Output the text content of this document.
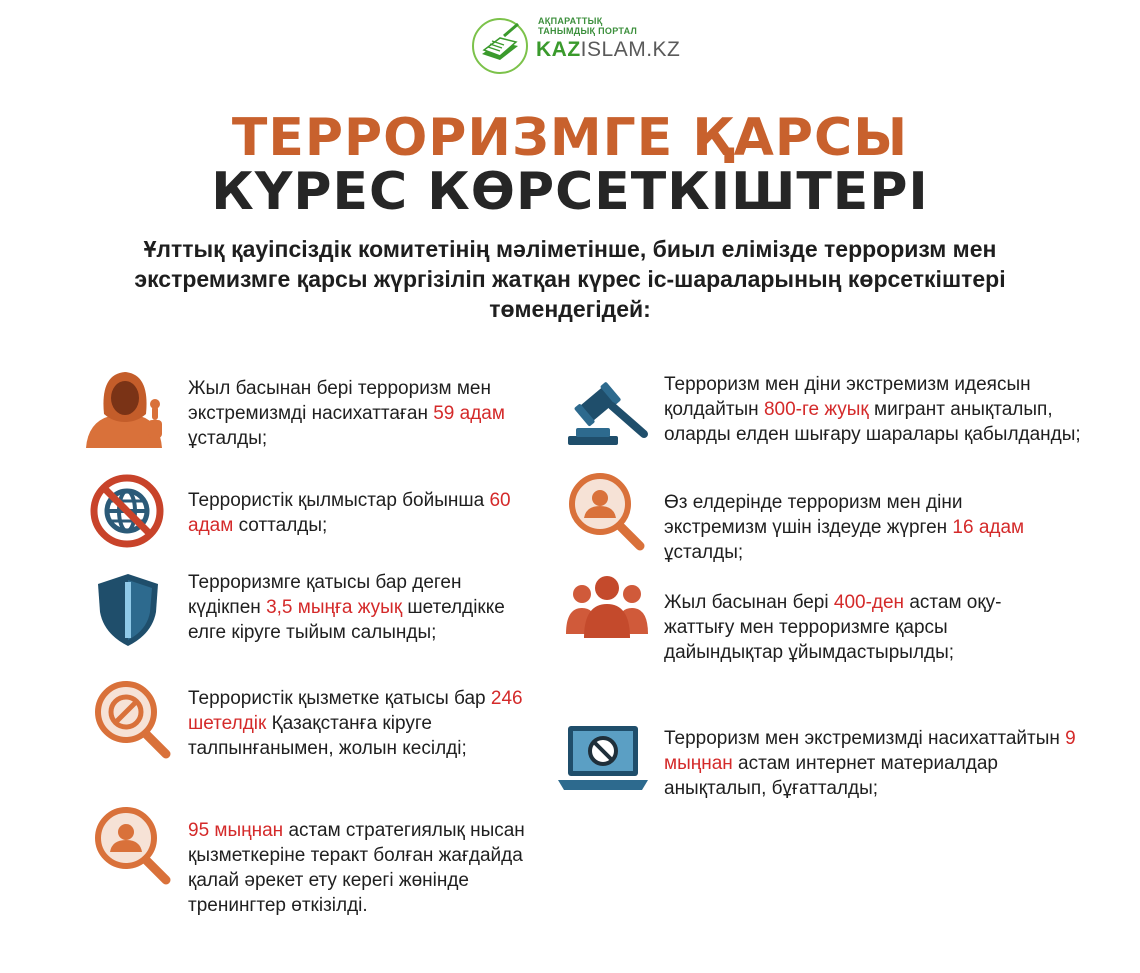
АҚПАРАТТЫҚ
ТАНЫМДЫҚ ПОРТАЛ
KAZISLAM.KZ
ТЕРРОРИЗМГЕ ҚАРСЫ
КҮРЕС КӨРСЕТКІШТЕРІ
Ұлттық қауіпсіздік комитетінің мәліметінше, биыл елімізде терроризм мен экстремизмге қарсы жүргізіліп жатқан күрес іс-шараларының көрсеткіштері төмендегідей:
Жыл басынан бері терроризм мен экстремизмді насихаттаған 59 адам ұсталды;
Террористік қылмыстар бойынша 60 адам сотталды;
Терроризмге қатысы бар деген күдікпен 3,5 мыңға жуық шетелдікке елге кіруге тыйым салынды;
Террористік қызметке қатысы бар 246 шетелдік Қазақстанға кіруге талпынғанымен, жолын кесілді;
95 мыңнан астам стратегиялық нысан қызметкеріне теракт болған жағдайда қалай әрекет ету керегі жөнінде тренингтер өткізілді.
Терроризм мен діни экстремизм идеясын қолдайтын 800-ге жуық мигрант анықталып, оларды елден шығару шаралары қабылданды;
Өз елдерінде терроризм мен діни экстремизм үшін іздеуде жүрген 16 адам ұсталды;
Жыл басынан бері 400-ден астам оқу-жаттығу мен терроризмге қарсы дайындықтар ұйымдастырылды;
Терроризм мен экстремизмді насихаттайтын 9 мыңнан астам интернет материалдар анықталып, бұғатталды;
